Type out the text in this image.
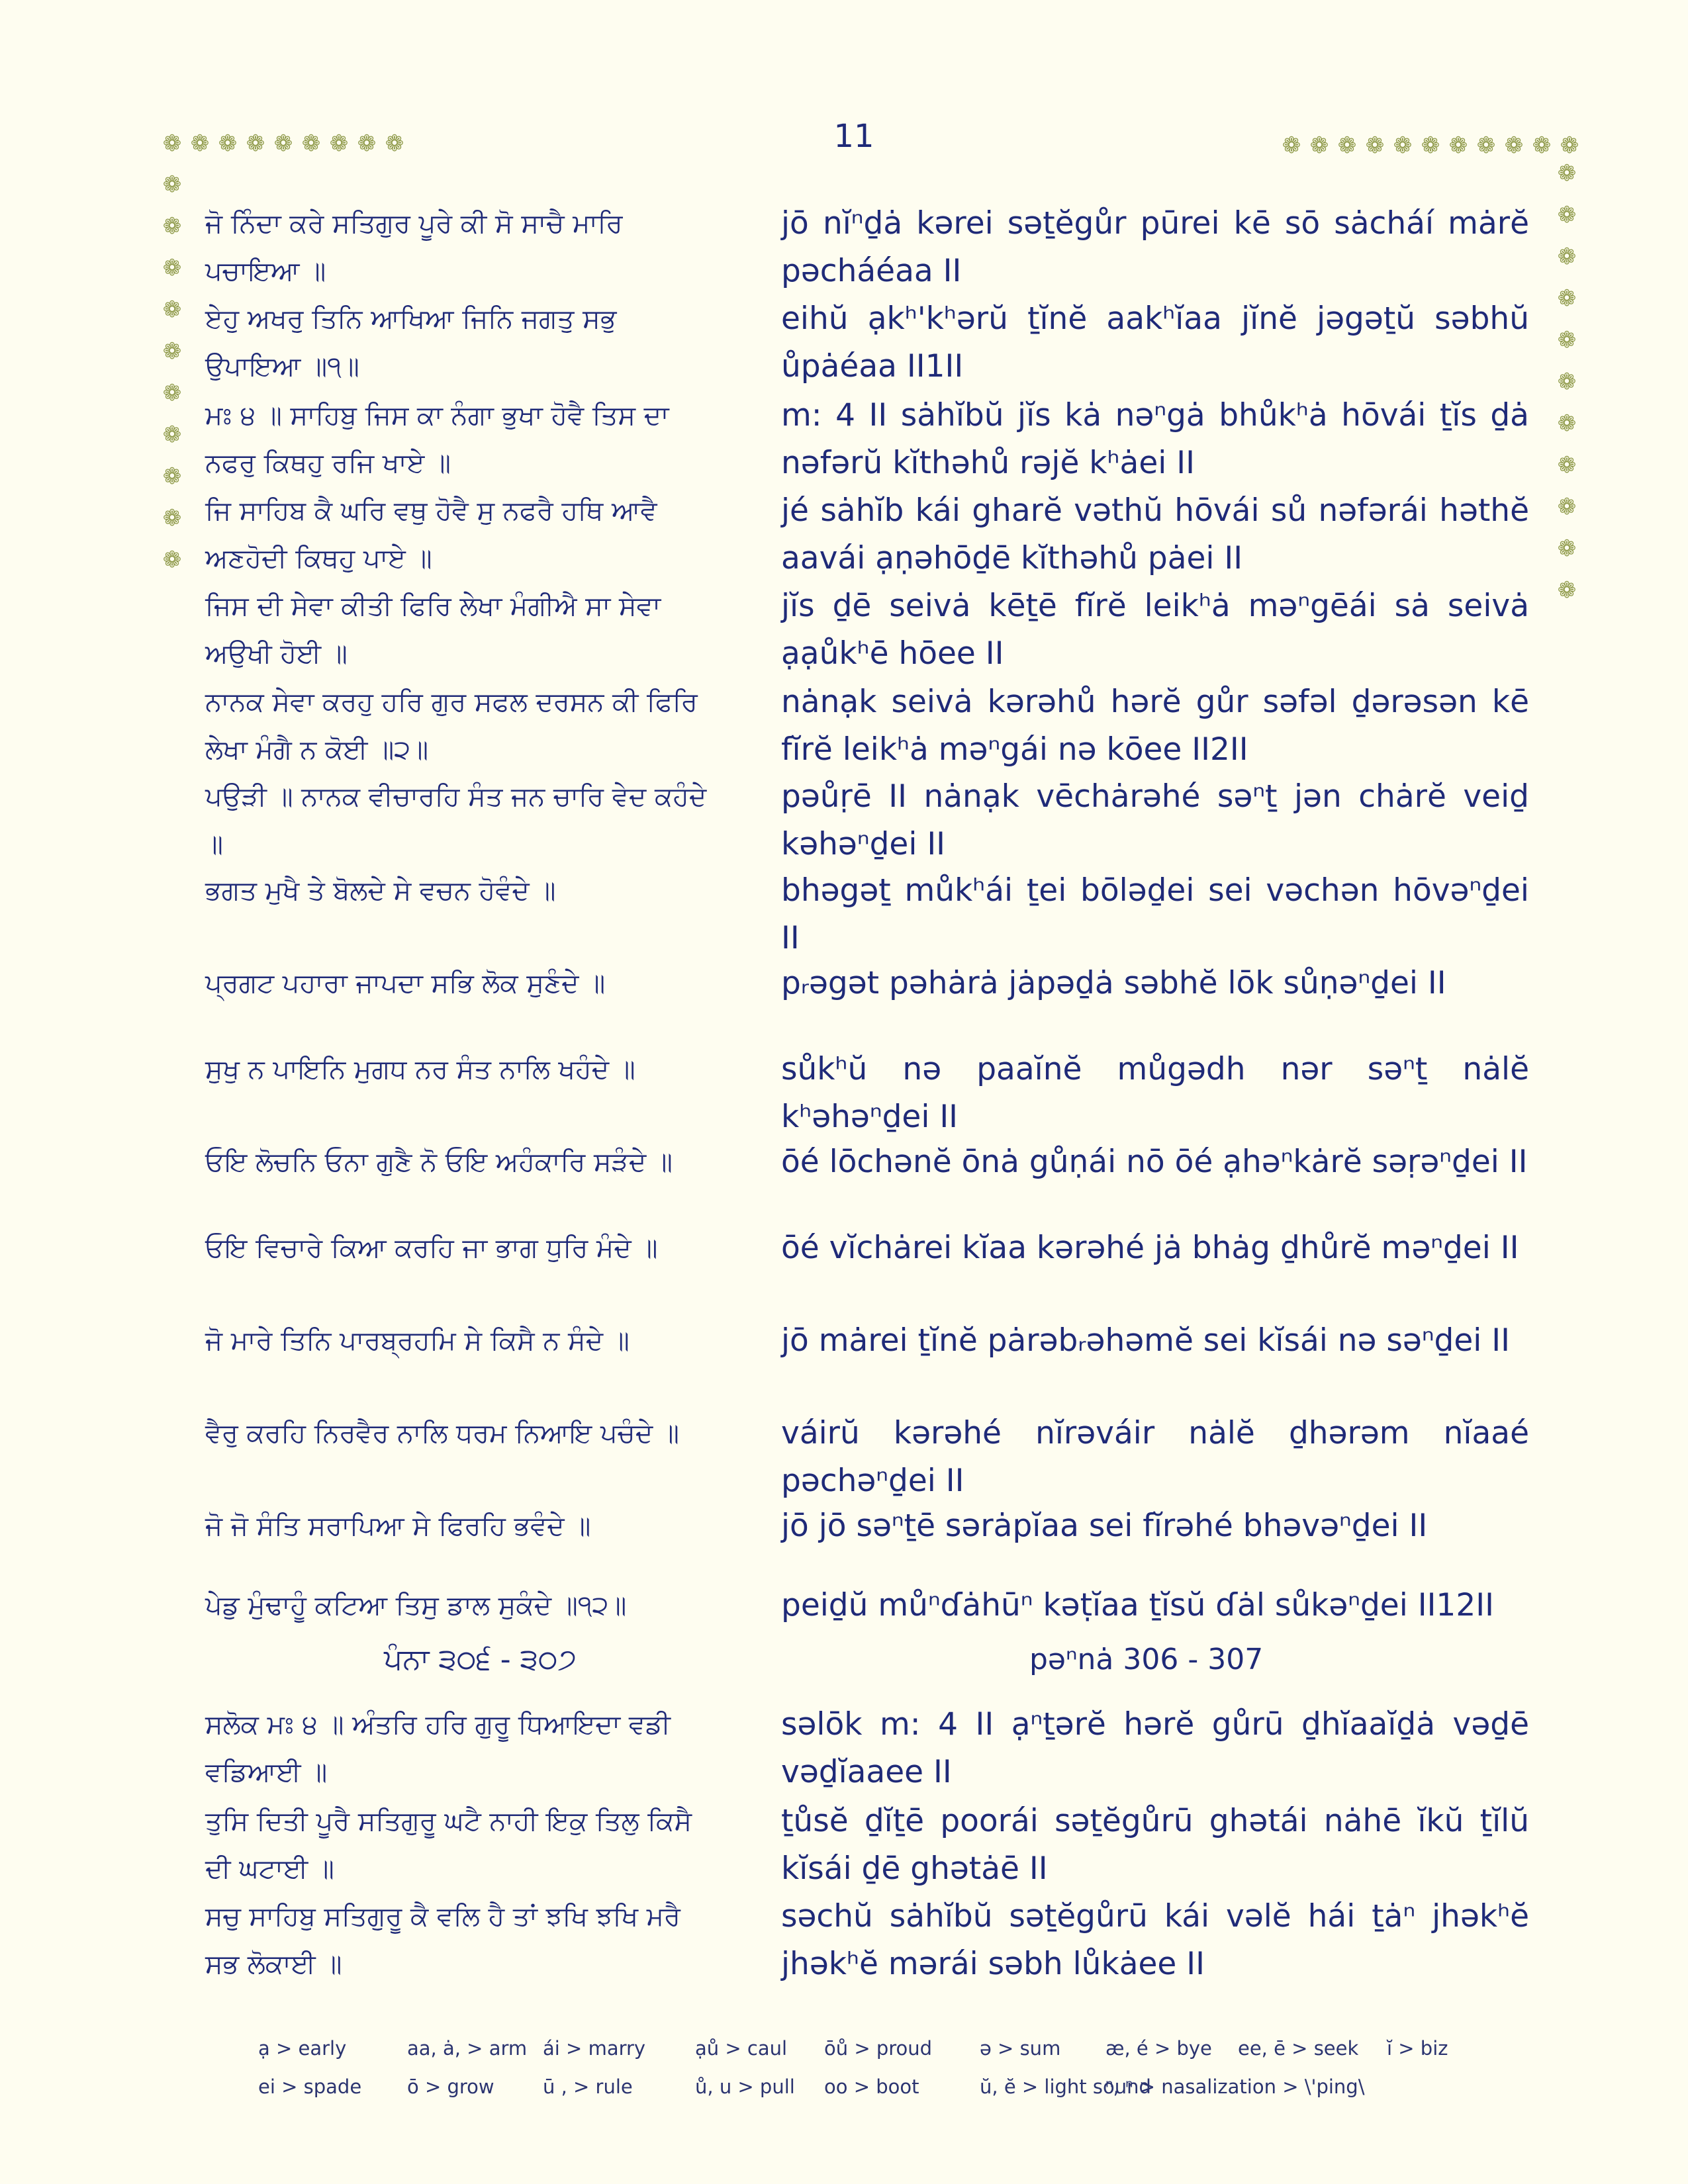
❁ ❁ ❁ ❁ ❁ ❁ ❁ ❁ ❁	❁ ❁ ❁ ❁ ❁ ❁ ❁ ❁ ❁ ❁ ❁
❁
❁
❁
❁
❁
❁
❁
❁
❁
❁
❁
❁
❁
❁
❁
❁
❁
❁
❁
❁
❁
11
ਜੋ ਨਿੰਦਾ ਕਰੇ ਸਤਿਗੁਰ ਪੂਰੇ ਕੀ ਸੋ ਸਾਚੈ ਮਾਰਿ ਪਚਾਇਆ ॥
jō nĭⁿḏȧ kərei səṯĕgůr pūrei kē sō sȧcháí mȧrĕ pəcháéaa II
ਏਹੁ ਅਖਰੁ ਤਿਨਿ ਆਖਿਆ ਜਿਨਿ ਜਗਤੁ ਸਭੁ ਉਪਾਇਆ ॥੧॥
eihŭ ạkʰ'kʰərŭ ṯĭnĕ aakʰĭaa jĭnĕ jəgəṯŭ səbhŭ ůpȧéaa II1II
ਮਃ ੪ ॥ ਸਾਹਿਬੁ ਜਿਸ ਕਾ ਨੰਗਾ ਭੁਖਾ ਹੋਵੈ ਤਿਸ ਦਾ ਨਫਰੁ ਕਿਥਹੁ ਰਜਿ ਖਾਏ ॥
m: 4 II sȧhĭbŭ jĭs kȧ nəⁿgȧ bhůkʰȧ hōvái ṯĭs ḏȧ nəfərŭ kĭthəhů rəjĕ kʰȧei II
ਜਿ ਸਾਹਿਬ ਕੈ ਘਰਿ ਵਥੁ ਹੋਵੈ ਸੁ ਨਫਰੈ ਹਥਿ ਆਵੈ ਅਣਹੋਦੀ ਕਿਥਹੁ ਪਾਏ ॥
jé sȧhĭb kái gharĕ vəthŭ hōvái sů nəfərái həthĕ aavái ạṇəhōḏē kĭthəhů pȧei II
ਜਿਸ ਦੀ ਸੇਵਾ ਕੀਤੀ ਫਿਰਿ ਲੇਖਾ ਮੰਗੀਐ ਸਾ ਸੇਵਾ ਅਉਖੀ ਹੋਈ ॥
jĭs ḏē seivȧ kēṯē fĭrĕ leikʰȧ məⁿgēái sȧ seivȧ ạạůkʰē hōee II
ਨਾਨਕ ਸੇਵਾ ਕਰਹੁ ਹਰਿ ਗੁਰ ਸਫਲ ਦਰਸਨ ਕੀ ਫਿਰਿ ਲੇਖਾ ਮੰਗੈ ਨ ਕੋਈ ॥੨॥
nȧnạk seivȧ kərəhů hərĕ gůr səfəl ḏərəsən kē fĭrĕ leikʰȧ məⁿgái nə kōee II2II
ਪਉੜੀ ॥ ਨਾਨਕ ਵੀਚਾਰਹਿ ਸੰਤ ਜਨ ਚਾਰਿ ਵੇਦ ਕਹੰਦੇ ॥
pəůṛē II nȧnạk vēchȧrəhé səⁿṯ jən chȧrĕ veiḏ kəhəⁿḏei II
ਭਗਤ ਮੁਖੈ ਤੇ ਬੋਲਦੇ ਸੇ ਵਚਨ ਹੋਵੰਦੇ ॥	bhəgəṯ můkʰái ṯei bōləḏei sei vəchən hōvəⁿḏei II
ਪ੍ਰਗਟ ਪਹਾਰਾ ਜਾਪਦਾ ਸਭਿ ਲੋਕ ਸੁਣੰਦੇ ॥	pᵣəgət pəhȧrȧ jȧpəḏȧ səbhĕ lōk sůṇəⁿḏei II
ਸੁਖੁ ਨ ਪਾਇਨਿ ਮੁਗਧ ਨਰ ਸੰਤ ਨਾਲਿ ਖਹੰਦੇ ॥	sůkʰŭ nə paaĭnĕ můgədh nər səⁿṯ nȧlĕ kʰəhəⁿḏei II
ਓਇ ਲੋਚਨਿ ਓਨਾ ਗੁਣੈ ਨੋ ਓਇ ਅਹੰਕਾਰਿ ਸੜੰਦੇ ॥	ōé lōchənĕ ōnȧ gůṇái nō ōé ạhəⁿkȧrĕ səṛəⁿḏei II
ਓਇ ਵਿਚਾਰੇ ਕਿਆ ਕਰਹਿ ਜਾ ਭਾਗ ਧੁਰਿ ਮੰਦੇ ॥	ōé vĭchȧrei kĭaa kərəhé jȧ bhȧg ḏhůrĕ məⁿḏei II
ਜੋ ਮਾਰੇ ਤਿਨਿ ਪਾਰਬ੍ਰਹਮਿ ਸੇ ਕਿਸੈ ਨ ਸੰਦੇ ॥	jō mȧrei ṯĭnĕ pȧrəbᵣəhəmĕ sei kĭsái nə səⁿḏei II
ਵੈਰੁ ਕਰਹਿ ਨਿਰਵੈਰ ਨਾਲਿ ਧਰਮ ਨਿਆਇ ਪਚੰਦੇ ॥	váirŭ kərəhé nĭrəváir nȧlĕ ḏhərəm nĭaaé pəchəⁿḏei II
ਜੋ ਜੋ ਸੰਤਿ ਸਰਾਪਿਆ ਸੇ ਫਿਰਹਿ ਭਵੰਦੇ ॥	jō jō səⁿṯē sərȧpĭaa sei fĭrəhé bhəvəⁿḏei II
ਪੇਡੁ ਮੁੰਢਾਹੂੰ ਕਟਿਆ ਤਿਸੁ ਡਾਲ ਸੁਕੰਦੇ ॥੧੨॥	peiḏŭ můⁿɗȧhūⁿ kəṭĭaa ṯĭsŭ ɗȧl sůkəⁿḏei II12II
ਸਲੋਕ ਮਃ ੪ ॥ ਅੰਤਰਿ ਹਰਿ ਗੁਰੂ ਧਿਆਇਦਾ ਵਡੀ ਵਡਿਆਈ ॥
səlōk m: 4 II ạⁿṯərĕ hərĕ gůrū ḏhĭaaĭḏȧ vəḏē vəḏĭaaee II
ਤੁਸਿ ਦਿਤੀ ਪੂਰੈ ਸਤਿਗੁਰੂ ਘਟੈ ਨਾਹੀ ਇਕੁ ਤਿਲੁ ਕਿਸੈ ਦੀ ਘਟਾਈ ॥
ṯůsĕ ḏĭṯē poorái səṯĕgůrū ghətái nȧhē ĭkŭ ṯĭlŭ kĭsái ḏē ghətȧē II
ਸਚੁ ਸਾਹਿਬੁ ਸਤਿਗੁਰੂ ਕੈ ਵਲਿ ਹੈ ਤਾਂ ਝਖਿ ਝਖਿ ਮਰੈ ਸਭ ਲੋਕਾਈ ॥
səchŭ sȧhĭbŭ səṯĕgůrū kái vəlĕ hái ṯȧⁿ jhəkʰĕ jhəkʰĕ mərái səbh lůkȧee II
ਪੰਨਾ ੩੦੬ - ੩੦੭	pəⁿnȧ 306 - 307
ạ > early	aa, ȧ, > arm ái > marry	ạů > caul ōů > proud ə > sum æ, é > bye ee, ē > seek ĭ > biz
ei > spade ō > grow	ū , > rule	ů, u > pull oo > boot	ŭ, ĕ > light sound
ⁿ, ⁿ > nasalization > \'ping\
